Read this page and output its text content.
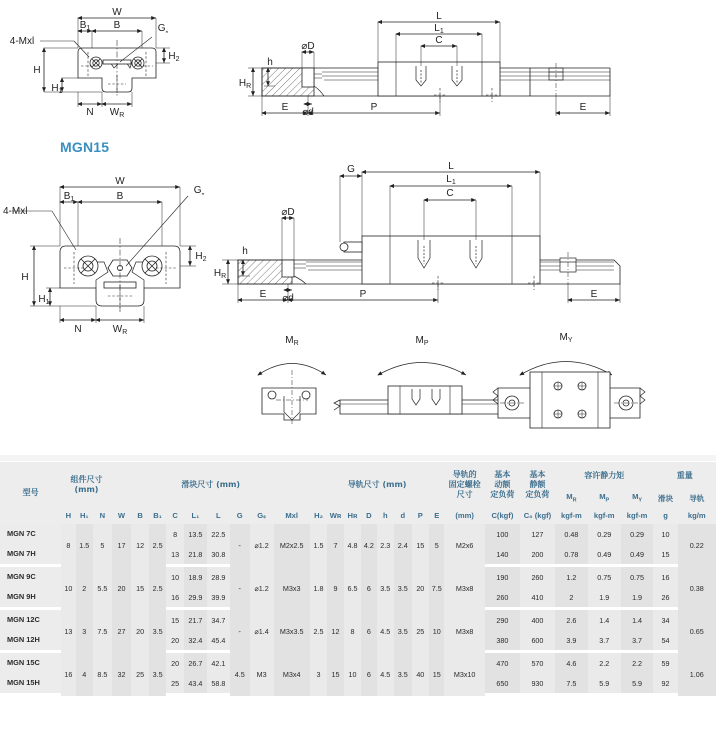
W
$B_1$ B	$G_{_n}$
H
$H_1$
$H_2$
N $W_R$
4-Mxl
L
$L_1$
C
⌀D
⌀d
$H_R$
h
E	P	E
W
$B_1$	B
$G_{_n}$
H
$H_1$
$H_2$
N	$W_R$
4-Mxl
L
$L_1$
C
G
⌀D
⌀d
$H_R$
h
E	P	E
$M_R$	$M_P$
$M_Y$
MGN15

型号	组件尺寸
(mm)			滑块尺寸 (mm)									导轨尺寸 (mm)								导轨的
固定螺栓
尺寸	基本
动额
定负荷	基本
静额
定负荷	容许静力矩			重量	
																								$M_R$	$M_P$	$M_Y$	滑块	导轨
	H	H₁	N	W	B	B₁	C	L₁	L	G	Gₛ	Mxl	H₂	Wʀ	Hʀ	D	h	d	P	E	(mm)	C(kgf)	C₀ (kgf)	kgf-m	kgf-m	kgf-m	g	kg/m
MGN 7C	8	1.5	5	17	12	2.5	8	13.5	22.5	-	⌀1.2	M2x2.5	1.5	7	4.8	4.2	2.3	2.4	15	5	M2x6	100	127	0.48	0.29	0.29	10	0.22
MGN 7H							13	21.8	30.8													140	200	0.78	0.49	0.49	15	
MGN 9C	10	2	5.5	20	15	2.5	10	18.9	28.9	-	⌀1.2	M3x3	1.8	9	6.5	6	3.5	3.5	20	7.5	M3x8	190	260	1.2	0.75	0.75	16	0.38
MGN 9H							16	29.9	39.9													260	410	2	1.9	1.9	26	
MGN 12C	13	3	7.5	27	20	3.5	15	21.7	34.7	-	⌀1.4	M3x3.5	2.5	12	8	6	4.5	3.5	25	10	M3x8	290	400	2.6	1.4	1.4	34	0.65
MGN 12H							20	32.4	45.4													380	600	3.9	3.7	3.7	54	
MGN 15C	16	4	8.5	32	25	3.5	20	26.7	42.1	4.5	M3	M3x4	3	15	10	6	4.5	3.5	40	15	M3x10	470	570	4.6	2.2	2.2	59	1.06
MGN 15H							25	43.4	58.8													650	930	7.5	5.9	5.9	92	
